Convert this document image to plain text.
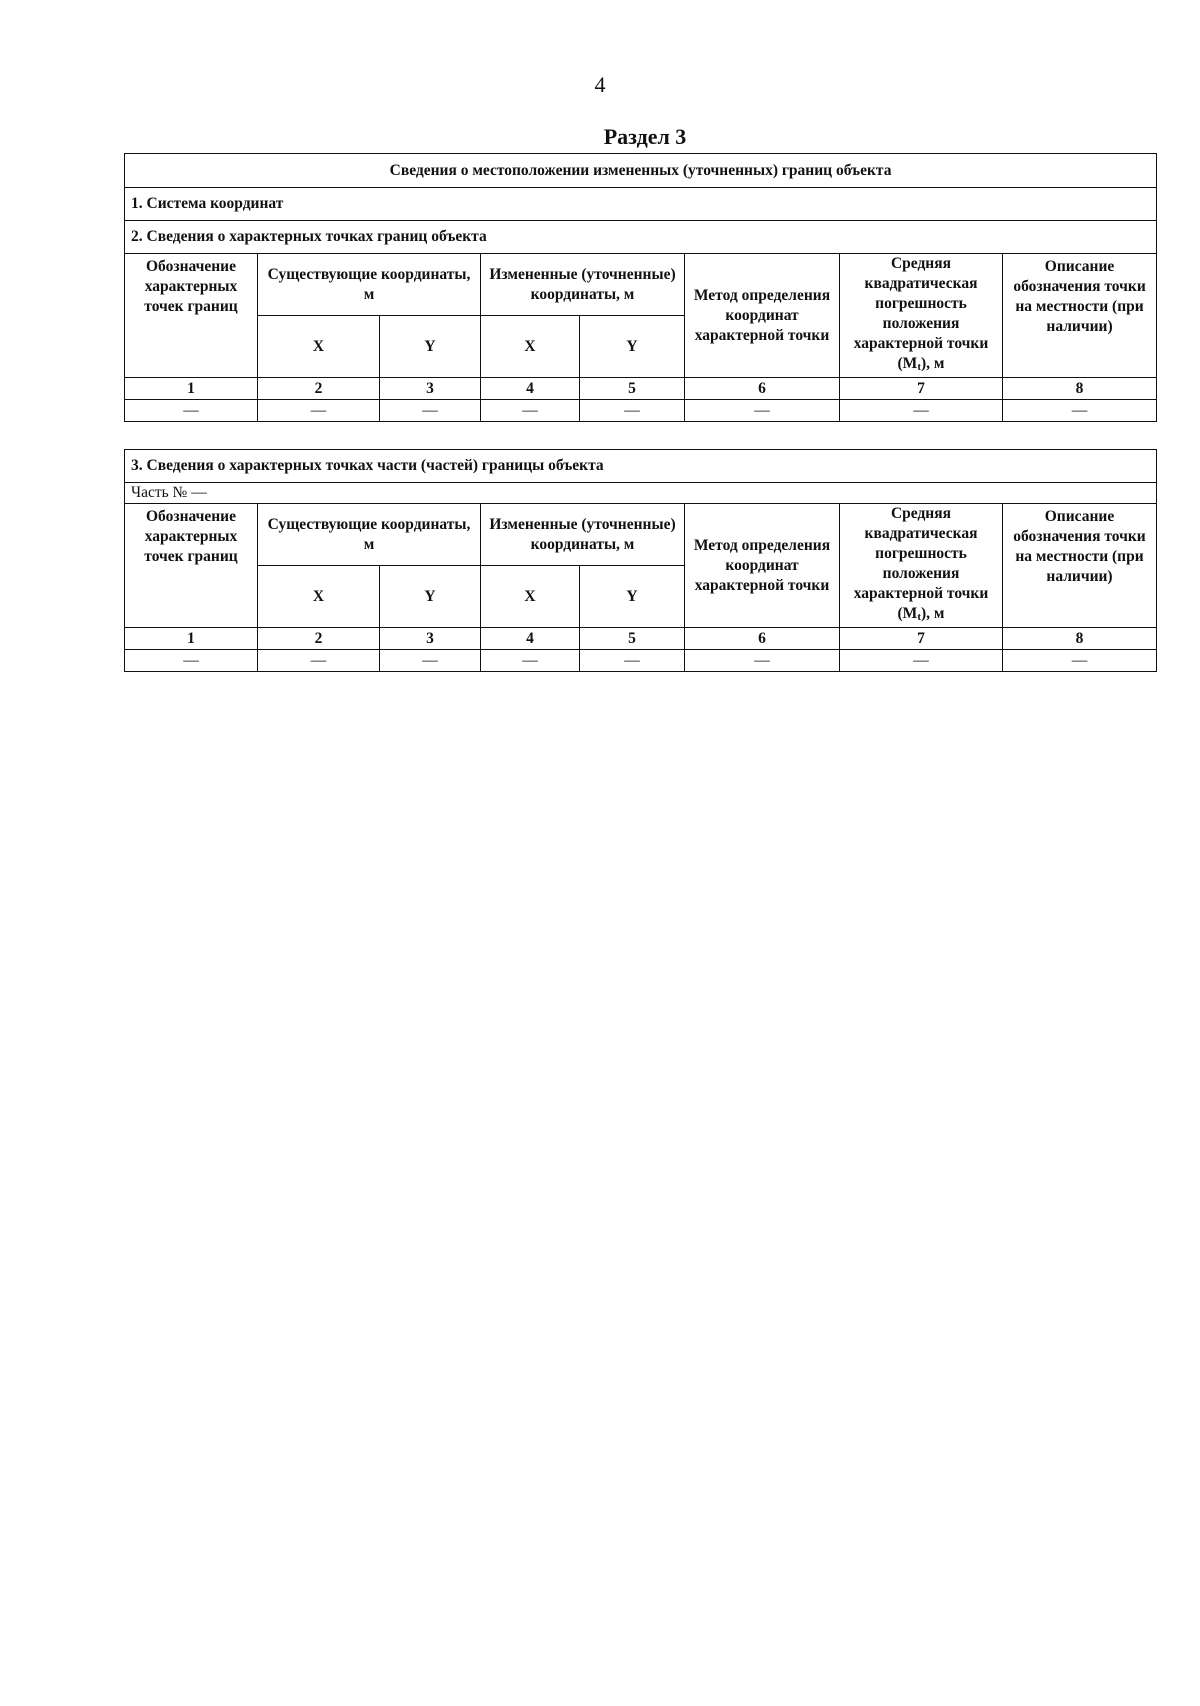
4
Раздел 3
Сведения о местоположении измененных (уточненных) границ объекта							
1. Система координат							
2. Сведения о характерных точках границ объекта							
Обозначение характерных точек границ	Существующие координаты, м		Измененные (уточненные) координаты, м		Метод определения координат характерной точки	Средняя квадратическая погрешность положения характерной точки $(M_t)$, м	Описание обозначения точки на местности (при наличии)
	X	Y	X	Y			
1	2	3	4	5	6	7	8
—	—	—	—	—	—	—	—
3. Сведения о характерных точках части (частей) границы объекта							
Часть № —							
Обозначение характерных точек границ	Существующие координаты, м		Измененные (уточненные) координаты, м		Метод определения координат характерной точки	Средняя квадратическая погрешность положения характерной точки $(M_t)$, м	Описание обозначения точки на местности (при наличии)
	X	Y	X	Y			
1	2	3	4	5	6	7	8
—	—	—	—	—	—	—	—
